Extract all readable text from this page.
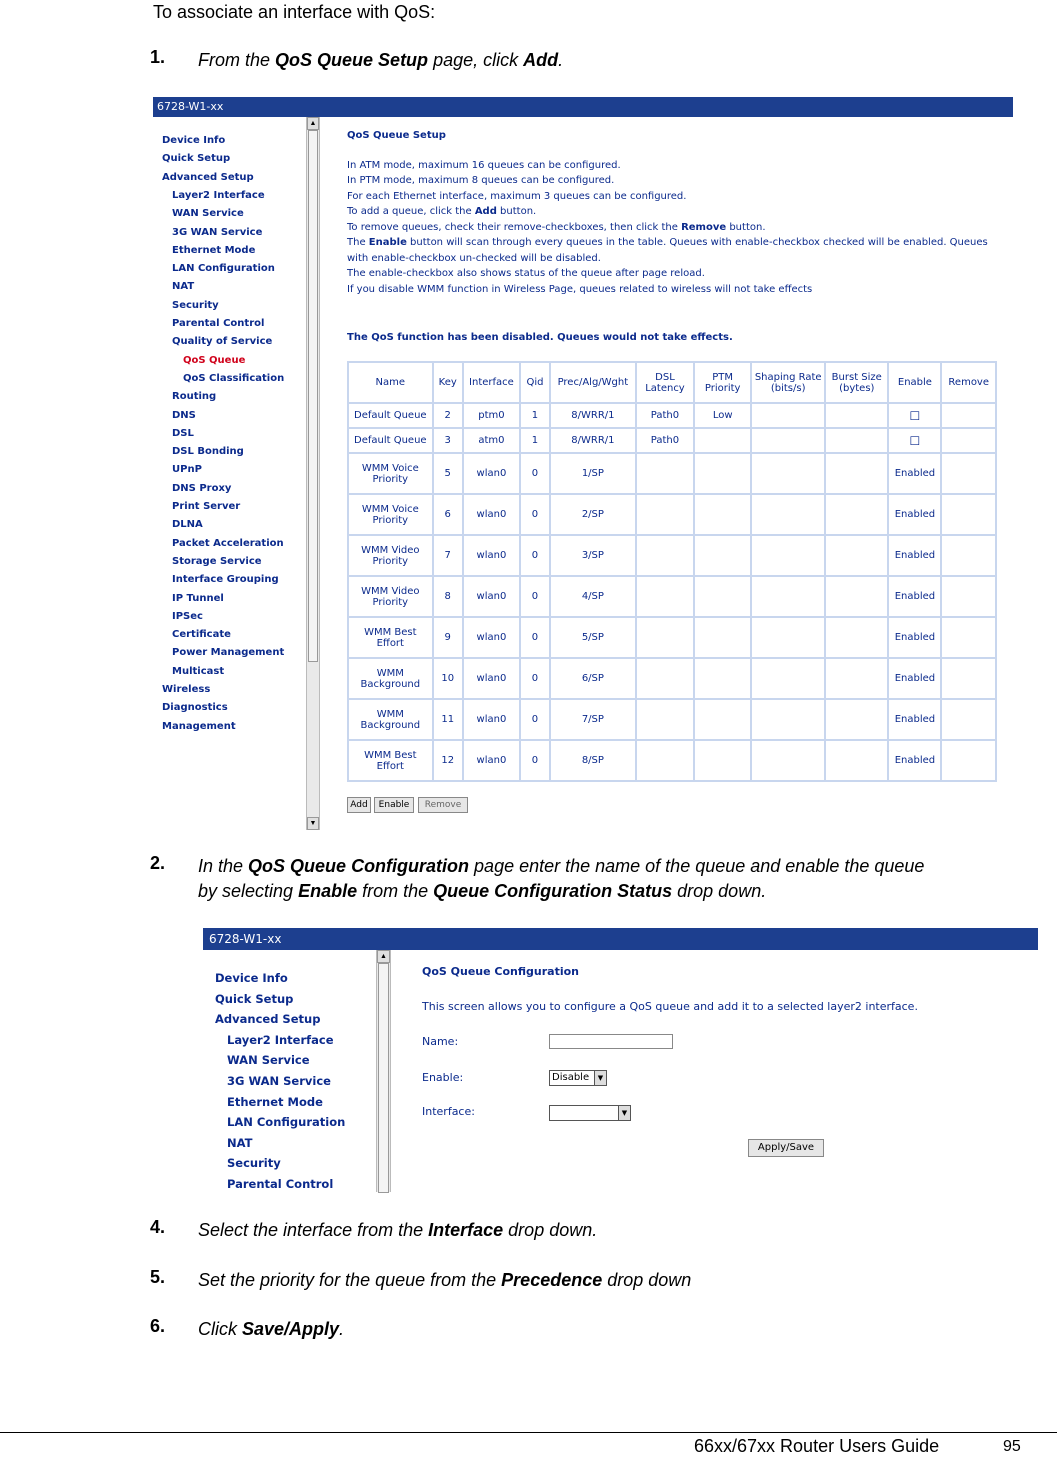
To associate an interface with QoS:
1. From the QoS Queue Setup page, click Add.
6728-W1-xx
Device Info
Quick Setup
Advanced Setup
Layer2 Interface
WAN Service
3G WAN Service
Ethernet Mode
LAN Configuration
NAT
Security
Parental Control
Quality of Service
QoS Queue
QoS Classification
Routing
DNS
DSL
DSL Bonding
UPnP
DNS Proxy
Print Server
DLNA
Packet Acceleration
Storage Service
Interface Grouping
IP Tunnel
IPSec
Certificate
Power Management
Multicast
Wireless
Diagnostics
Management
▲
▼
QoS Queue Setup
In ATM mode, maximum 16 queues can be configured.
In PTM mode, maximum 8 queues can be configured.
For each Ethernet interface, maximum 3 queues can be configured.
To add a queue, click the Add button.
To remove queues, check their remove-checkboxes, then click the Remove button.
The Enable button will scan through every queues in the table. Queues with enable-checkbox checked will be enabled. Queues
with enable-checkbox un-checked will be disabled.
The enable-checkbox also shows status of the queue after page reload.
If you disable WMM function in Wireless Page, queues related to wireless will not take effects
The QoS function has been disabled. Queues would not take effects.
Name	Key	Interface	Qid	Prec/Alg/Wght	DSL Latency	PTM Priority	Shaping Rate (bits/s)	Burst Size (bytes)	Enable	Remove
Default Queue	2	ptm0	1	8/WRR/1	Path0	Low			☐	
Default Queue	3	atm0	1	8/WRR/1	Path0				☐	
WMM Voice Priority	5	wlan0	0	1/SP					Enabled	
WMM Voice Priority	6	wlan0	0	2/SP					Enabled	
WMM Video Priority	7	wlan0	0	3/SP					Enabled	
WMM Video Priority	8	wlan0	0	4/SP					Enabled	
WMM Best Effort	9	wlan0	0	5/SP					Enabled	
WMM Background	10	wlan0	0	6/SP					Enabled	
WMM Background	11	wlan0	0	7/SP					Enabled	
WMM Best Effort	12	wlan0	0	8/SP					Enabled	
Add	Enable	Remove
2. In the QoS Queue Configuration page enter the name of the queue and enable the queue
by selecting Enable from the Queue Configuration Status drop down.
6728-W1-xx
Device Info
Quick Setup
Advanced Setup
Layer2 Interface
WAN Service
3G WAN Service
Ethernet Mode
LAN Configuration
NAT
Security
Parental Control
▲
QoS Queue Configuration
This screen allows you to configure a QoS queue and add it to a selected layer2 interface.
Name:
Enable:
Interface:
Disable	▼
▼
Apply/Save
4. Select the interface from the Interface drop down.
5. Set the priority for the queue from the Precedence drop down
6. Click Save/Apply.
66xx/67xx Router Users Guide	95
